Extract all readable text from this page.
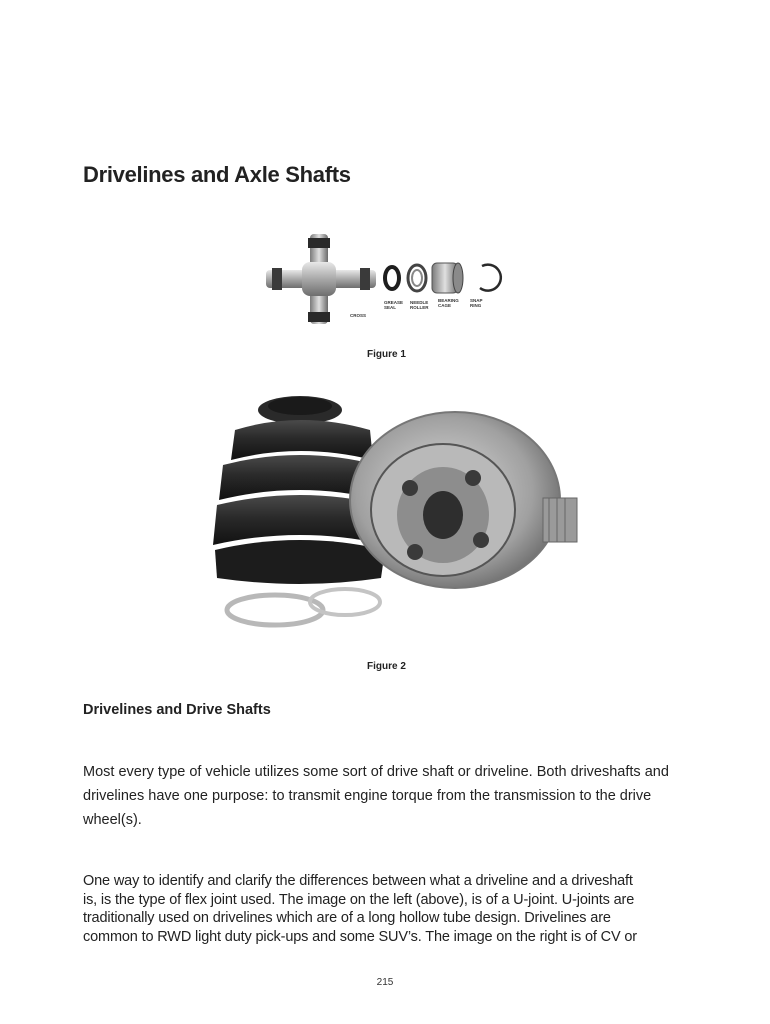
Drivelines and Axle Shafts
CROSS
GREASE SEAL
NEEDLE ROLLER
BEARING CAGE
SNAP RING
Figure 1
Figure 2
Drivelines and Drive Shafts

Most every type of vehicle utilizes some sort of drive shaft or driveline. Both driveshafts and drivelines have one purpose: to transmit engine torque from the transmission to the drive wheel(s).

One way to identify and clarify the differences between what a driveline and a driveshaft

is, is the type of flex joint used. The image on the left (above), is of a U-joint. U-joints are

traditionally used on drivelines which are of a long hollow tube design. Drivelines are

common to RWD light duty pick-ups and some SUV’s. The image on the right is of CV or

215
